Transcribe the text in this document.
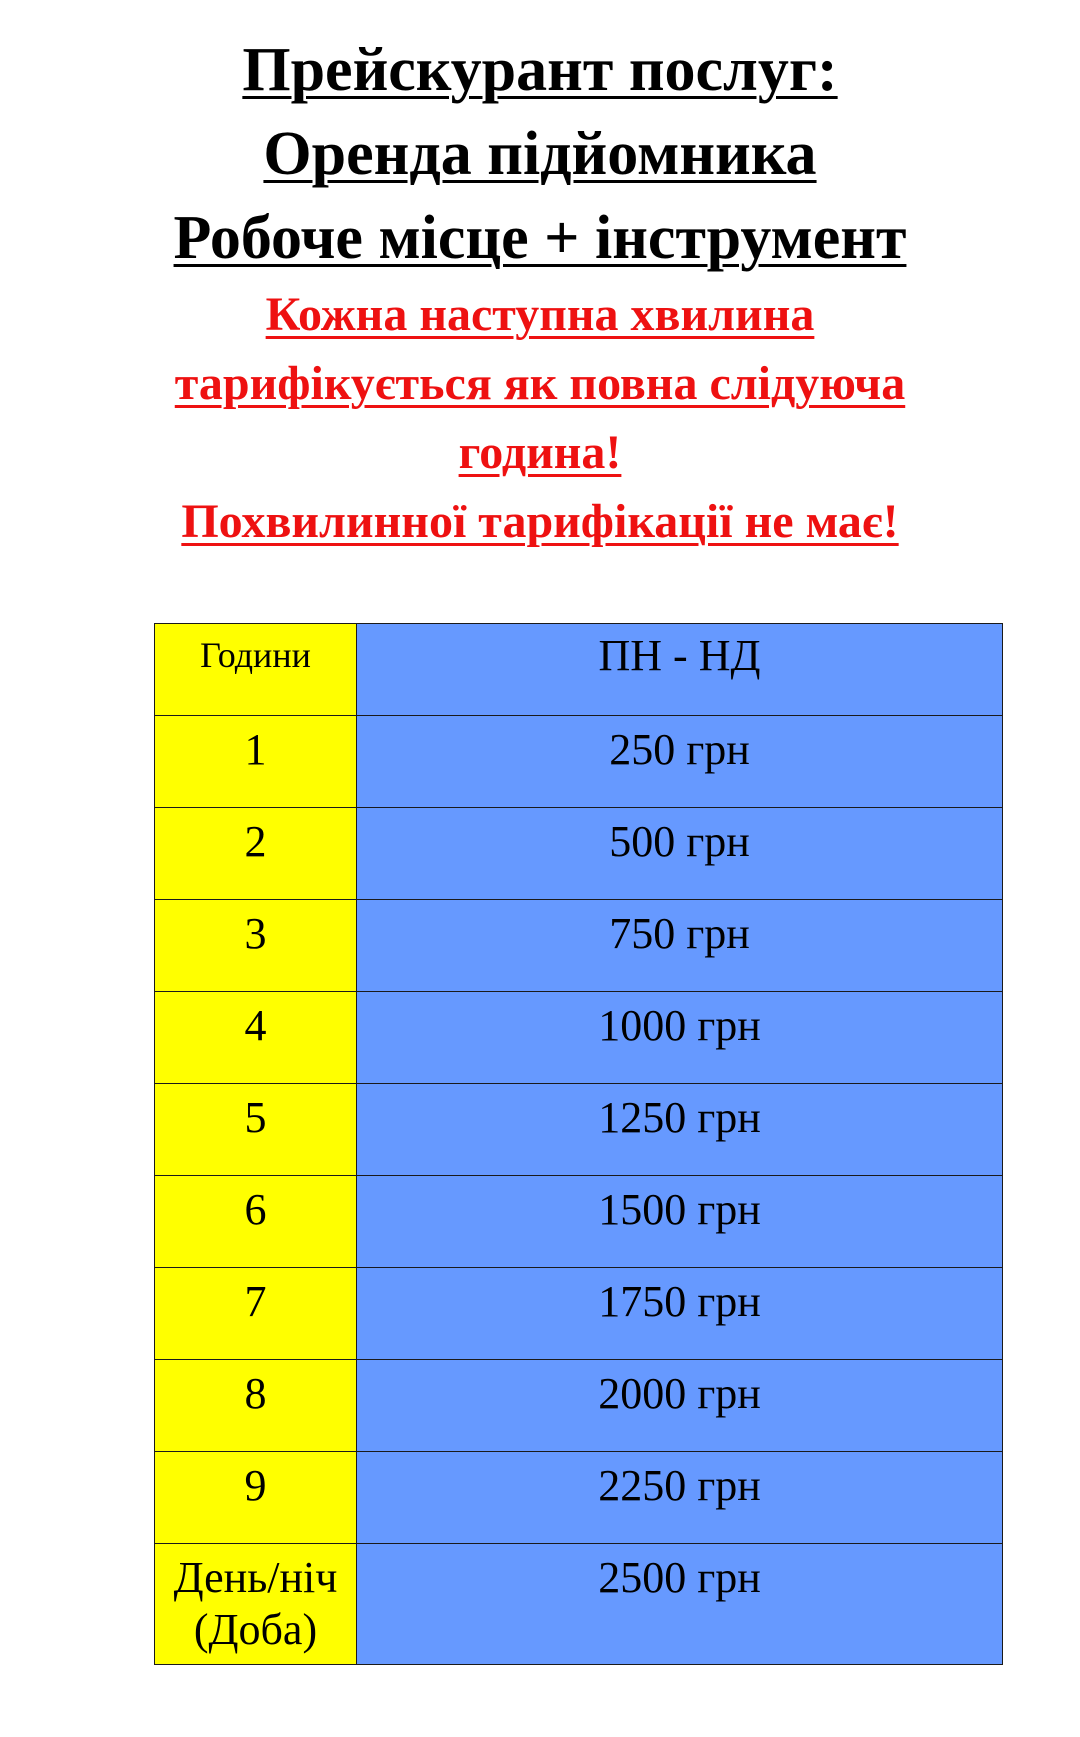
Прейскурант послуг:
Оренда підйомника
Робоче місце + інструмент
Кожна наступна хвилина
тарифікується як повна слідуюча
година!
Похвилинної тарифікації не має!
Години	ПН - НД
1	250 грн
2	500 грн
3	750 грн
4	1000 грн
5	1250 грн
6	1500 грн
7	1750 грн
8	2000 грн
9	2250 грн

День/ніч
(Доба)	2500 грн
